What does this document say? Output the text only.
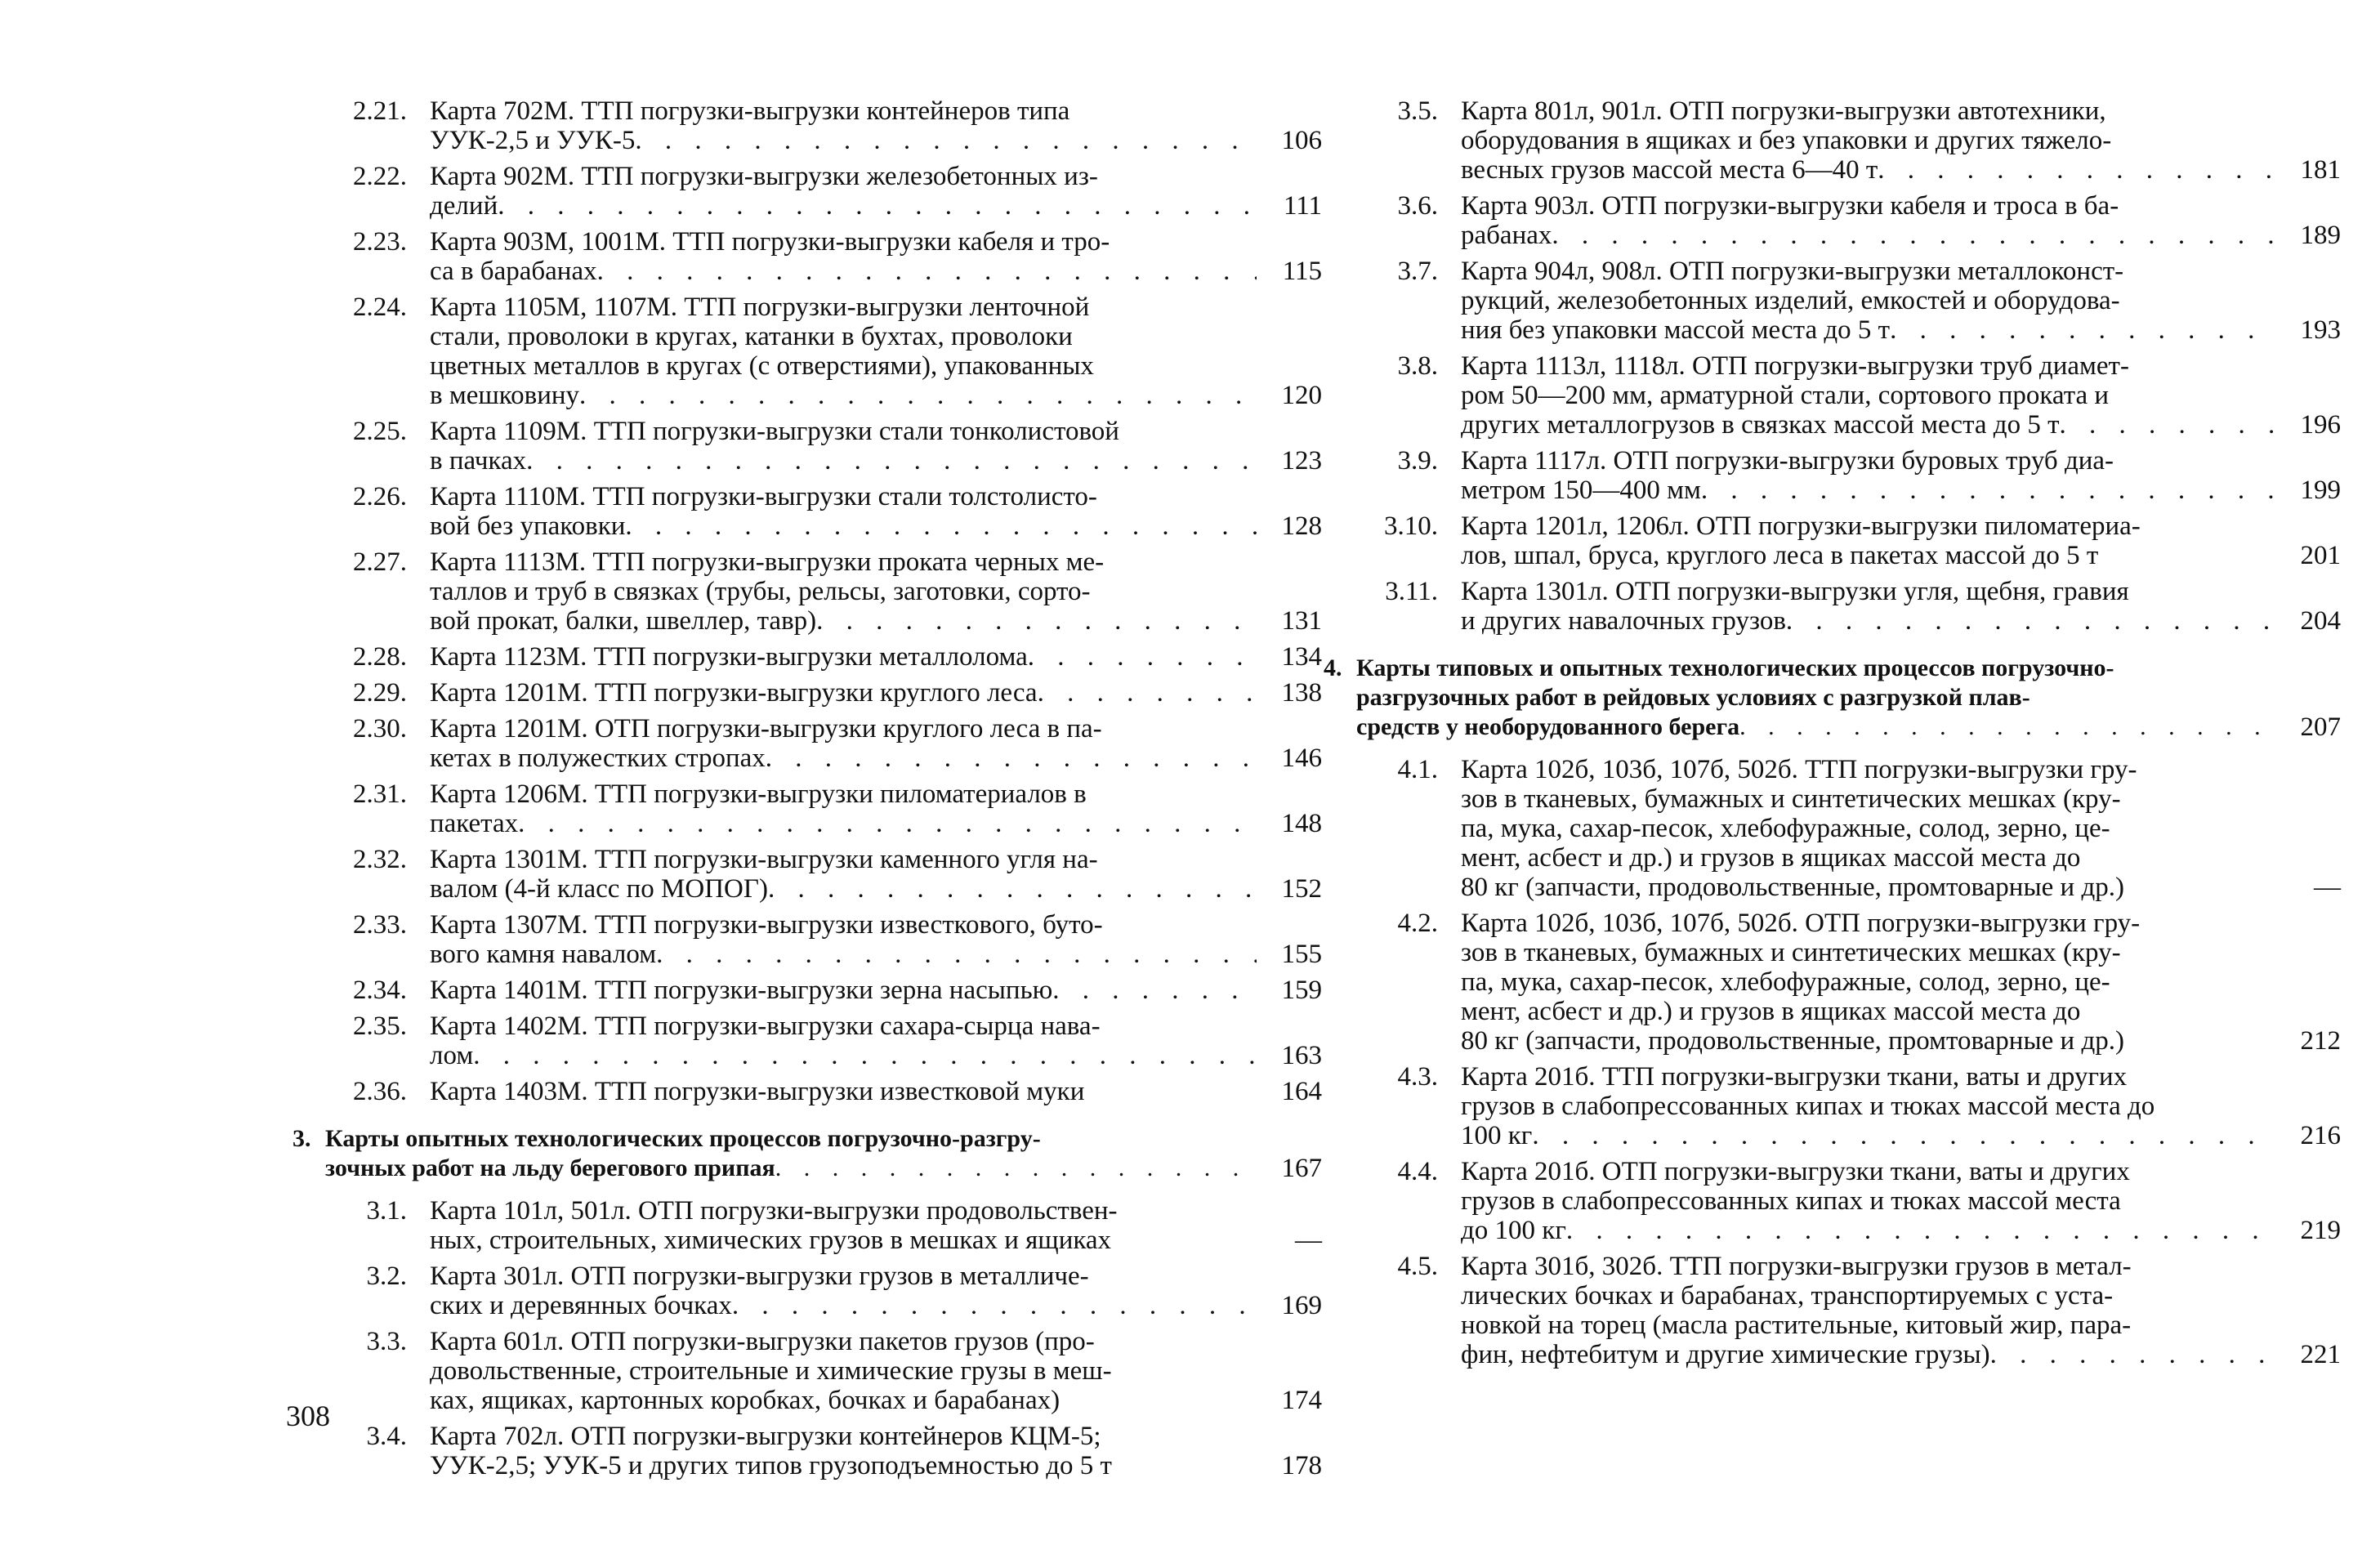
2.21. Карта 702М. ТТП погрузки-выгрузки контейнеров типа
УУК-2,5 и УУК-5 . . .	106
2.22. Карта 902М. ТТП погрузки-выгрузки железобетонных из-
делий . . .	111
2.23. Карта 903М, 1001М. ТТП погрузки-выгрузки кабеля и тро-
са в барабанах . . .	115
2.24. Карта 1105М, 1107М. ТТП погрузки-выгрузки ленточной
стали, проволоки в кругах, катанки в бухтах, проволоки
цветных металлов в кругах (с отверстиями), упакованных
в мешковину . . .	120
2.25. Карта 1109М. ТТП погрузки-выгрузки стали тонколистовой
в пачках . . .	123
2.26. Карта 1110М. ТТП погрузки-выгрузки стали толстолисто-
вой без упаковки . . .	128
2.27. Карта 1113М. ТТП погрузки-выгрузки проката черных ме-
таллов и труб в связках (трубы, рельсы, заготовки, сорто-
вой прокат, балки, швеллер, тавр) . . .	131
2.28. Карта 1123М. ТТП погрузки-выгрузки металлолома . . .	134
2.29. Карта 1201М. ТТП погрузки-выгрузки круглого леса . . .	138
2.30. Карта 1201М. ОТП погрузки-выгрузки круглого леса в па-
кетах в полужестких стропах . . .	146
2.31. Карта 1206М. ТТП погрузки-выгрузки пиломатериалов в
пакетах . . .	148
2.32. Карта 1301М. ТТП погрузки-выгрузки каменного угля на-
валом (4-й класс по МОПОГ) . . .	152
2.33. Карта 1307М. ТТП погрузки-выгрузки известкового, буто-
вого камня навалом . . .	155
2.34. Карта 1401М. ТТП погрузки-выгрузки зерна насыпью . . .	159
2.35. Карта 1402М. ТТП погрузки-выгрузки сахара-сырца нава-
лом . . .	163
2.36. Карта 1403М. ТТП погрузки-выгрузки известковой муки	164
3. Карты опытных технологических процессов погрузочно-разгру-
зочных работ на льду берегового припая . . .	167
3.1. Карта 101л, 501л. ОТП погрузки-выгрузки продовольствен-
ных, строительных, химических грузов в мешках и ящиках	—
3.2. Карта 301л. ОТП погрузки-выгрузки грузов в металличе-
ских и деревянных бочках . . .	169
3.3. Карта 601л. ОТП погрузки-выгрузки пакетов грузов (про-
довольственные, строительные и химические грузы в меш-
ках, ящиках, картонных коробках, бочках и барабанах)	174
3.4. Карта 702л. ОТП погрузки-выгрузки контейнеров КЦМ-5;
УУК-2,5; УУК-5 и других типов грузоподъемностью до 5 т	178
3.5. Карта 801л, 901л. ОТП погрузки-выгрузки автотехники,
оборудования в ящиках и без упаковки и других тяжело-
весных грузов массой места 6—40 т . . .	181
3.6. Карта 903л. ОТП погрузки-выгрузки кабеля и троса в ба-
рабанах . . .	189
3.7. Карта 904л, 908л. ОТП погрузки-выгрузки металлоконст-
рукций, железобетонных изделий, емкостей и оборудова-
ния без упаковки массой места до 5 т . . .	193
3.8. Карта 1113л, 1118л. ОТП погрузки-выгрузки труб диамет-
ром 50—200 мм, арматурной стали, сортового проката и
других металлогрузов в связках массой места до 5 т . . .	196
3.9. Карта 1117л. ОТП погрузки-выгрузки буровых труб диа-
метром 150—400 мм . . .	199
3.10. Карта 1201л, 1206л. ОТП погрузки-выгрузки пиломатериа-
лов, шпал, бруса, круглого леса в пакетах массой до 5 т	201
3.11. Карта 1301л. ОТП погрузки-выгрузки угля, щебня, гравия
и других навалочных грузов . . .	204
4. Карты типовых и опытных технологических процессов погрузочно-
разгрузочных работ в рейдовых условиях с разгрузкой плав-
средств у необорудованного берега . . .	207
4.1. Карта 102б, 103б, 107б, 502б. ТТП погрузки-выгрузки гру-
зов в тканевых, бумажных и синтетических мешках (кру-
па, мука, сахар-песок, хлебофуражные, солод, зерно, це-
мент, асбест и др.) и грузов в ящиках массой места до
80 кг (запчасти, продовольственные, промтоварные и др.)	—
4.2. Карта 102б, 103б, 107б, 502б. ОТП погрузки-выгрузки гру-
зов в тканевых, бумажных и синтетических мешках (кру-
па, мука, сахар-песок, хлебофуражные, солод, зерно, це-
мент, асбест и др.) и грузов в ящиках массой места до
80 кг (запчасти, продовольственные, промтоварные и др.)	212
4.3. Карта 201б. ТТП погрузки-выгрузки ткани, ваты и других
грузов в слабопрессованных кипах и тюках массой места до
100 кг . . .	216
4.4. Карта 201б. ОТП погрузки-выгрузки ткани, ваты и других
грузов в слабопрессованных кипах и тюках массой места
до 100 кг . . .	219
4.5. Карта 301б, 302б. ТТП погрузки-выгрузки грузов в метал-
лических бочках и барабанах, транспортируемых с уста-
новкой на торец (масла растительные, китовый жир, пара-
фин, нефтебитум и другие химические грузы) . . .	221
308
